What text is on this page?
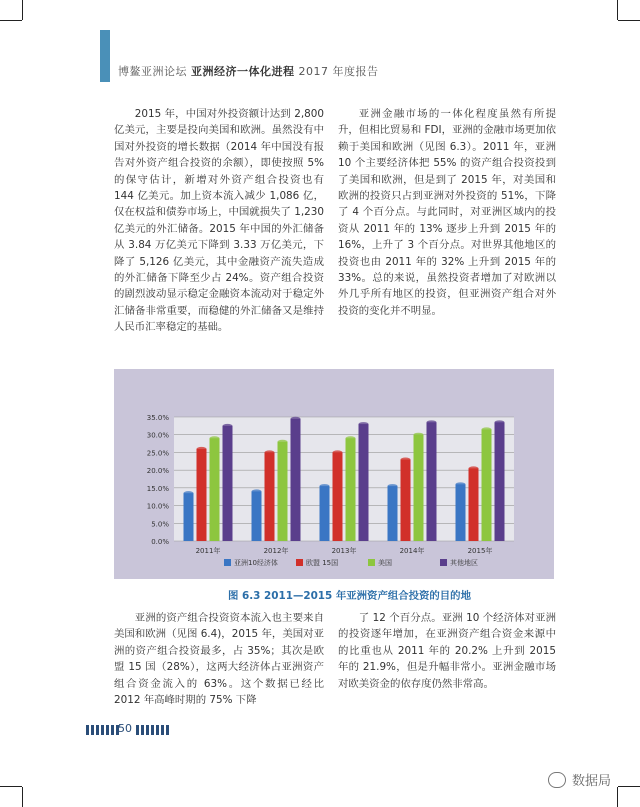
博鳌亚洲论坛 亚洲经济一体化进程 2017 年度报告

2015 年，中国对外投资额计达到 2,800 亿美元，主要是投向美国和欧洲。虽然没有中国对外投资的增长数据（2014 年中国没有报告对外资产组合投资的余额），即使按照 5% 的保守估计，新增对外资产组合投资也有 144 亿美元。加上资本流入减少 1,086 亿，仅在权益和债券市场上，中国就损失了 1,230 亿美元的外汇储备。2015 年中国的外汇储备从 3.84 万亿美元下降到 3.33 万亿美元，下降了 5,126 亿美元，其中金融资产流失造成的外汇储备下降至少占 24%。资产组合投资的剧烈波动显示稳定金融资本流动对于稳定外汇储备非常重要，而稳健的外汇储备又是维持人民币汇率稳定的基础。

亚洲金融市场的一体化程度虽然有所提升，但相比贸易和 FDI，亚洲的金融市场更加依赖于美国和欧洲（见图 6.3）。2011 年，亚洲 10 个主要经济体把 55% 的资产组合投资投到了美国和欧洲，但是到了 2015 年，对美国和欧洲的投资只占到亚洲对外投资的 51%，下降了 4 个百分点。与此同时，对亚洲区域内的投资从 2011 年的 13% 逐步上升到 2015 年的 16%，上升了 3 个百分点。对世界其他地区的投资也由 2011 年的 32% 上升到 2015 年的 33%。总的来说，虽然投资者增加了对欧洲以外几乎所有地区的投资，但亚洲资产组合对外投资的变化并不明显。

0.0%
5.0%
10.0%
15.0%
20.0%
25.0%
30.0%
35.0%
2011年	2012年	2013年	2014年	2015年
亚洲10经济体	欧盟 15国	美国	其他地区
图 6.3 2011—2015 年亚洲资产组合投资的目的地

亚洲的资产组合投资资本流入也主要来自美国和欧洲（见图 6.4)，2015 年，美国对亚洲的资产组合投资最多，占 35%；其次是欧盟 15 国（28%），这两大经济体占亚洲资产组合资金流入的 63%。这个数据已经比 2012 年高峰时期的 75% 下降

了 12 个百分点。亚洲 10 个经济体对亚洲的投资逐年增加，在亚洲资产组合资金来源中的比重也从 2011 年的 20.2% 上升到 2015 年的 21.9%，但是升幅非常小。亚洲金融市场对欧美资金的依存度仍然非常高。

50
数据局
